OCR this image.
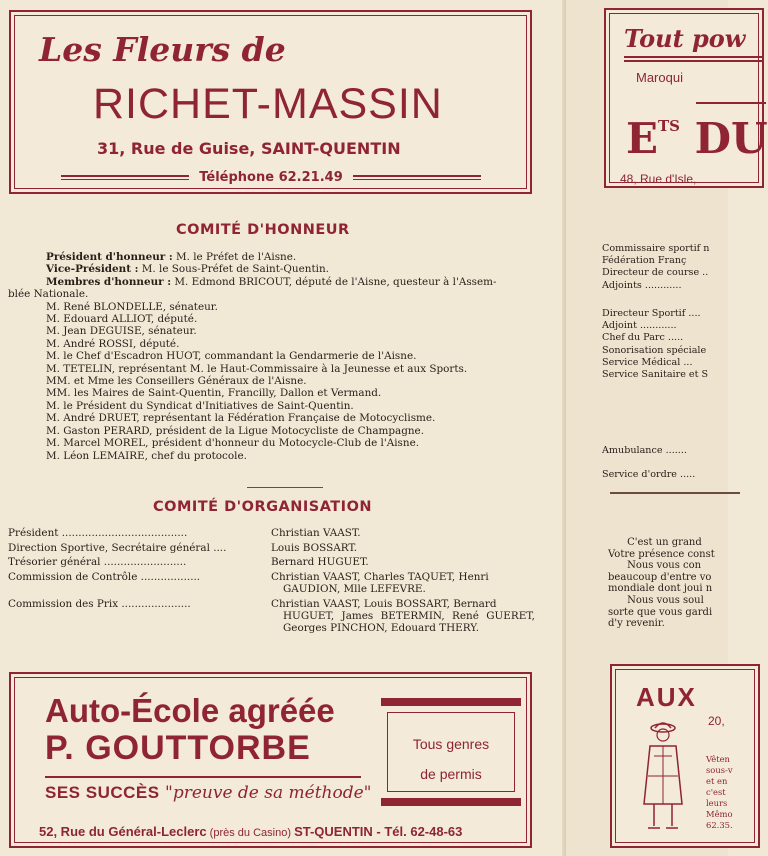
Les Fleurs de
RICHET-MASSIN
31, Rue de Guise, SAINT-QUENTIN
Téléphone 62.21.49
COMITÉ D'HONNEUR
Président d'honneur : M. le Préfet de l'Aisne.
Vice-Président : M. le Sous-Préfet de Saint-Quentin.
Membres d'honneur : M. Edmond BRICOUT, député de l'Aisne, questeur à l'Assem-
blée Nationale.
M. René BLONDELLE, sénateur.
M. Edouard ALLIOT, député.
M. Jean DEGUISE, sénateur.
M. André ROSSI, député.
M. le Chef d'Escadron HUOT, commandant la Gendarmerie de l'Aisne.
M. TETELIN, représentant M. le Haut-Commissaire à la Jeunesse et aux Sports.
MM. et Mme les Conseillers Généraux de l'Aisne.
MM. les Maires de Saint-Quentin, Francilly, Dallon et Vermand.
M. le Président du Syndicat d'Initiatives de Saint-Quentin.
M. André DRUET, représentant la Fédération Française de Motocyclisme.
M. Gaston PERARD, président de la Ligue Motocycliste de Champagne.
M. Marcel MOREL, président d'honneur du Motocycle-Club de l'Aisne.
M. Léon LEMAIRE, chef du protocole.
COMITÉ D'ORGANISATION
Président ......................................	Christian VAAST.
Direction Sportive, Secrétaire général ....	Louis BOSSART.
Trésorier général .........................	Bernard HUGUET.
Commission de Contrôle ..................	Christian VAAST, Charles TAQUET, Henri
GAUDION, Mlle LEFEVRE.
Commission des Prix .....................	Christian VAAST, Louis BOSSART, Bernard
HUGUET, James BETERMIN, René GUERET, Georges PINCHON, Edouard THERY.
Auto-École agréée
P. GOUTTORBE
SES SUCCÈS "preuve de sa méthode"
Tous genres
de permis
52, Rue du Général-Leclerc (près du Casino) ST-QUENTIN - Tél. 62-48-63
Tout pow
Maroqui
$E^{TS}$ DU
48, Rue d'Isle,
Commissaire sportif n
Fédération Franç
Directeur de course ..
Adjoints ............
Directeur Sportif ....
Adjoint ............
Chef du Parc .....
Sonorisation spéciale
Service Médical ...
Service Sanitaire et S
Amubulance .......
Service d'ordre .....
C'est un grand
Votre présence const
Nous vous con
beaucoup d'entre vo
mondiale dont joui n
Nous vous soul
sorte que vous gardi
d'y revenir.
AUX
20,
Vêten
sous-v
et en
c'est
leurs
Mêmo
62.35.
